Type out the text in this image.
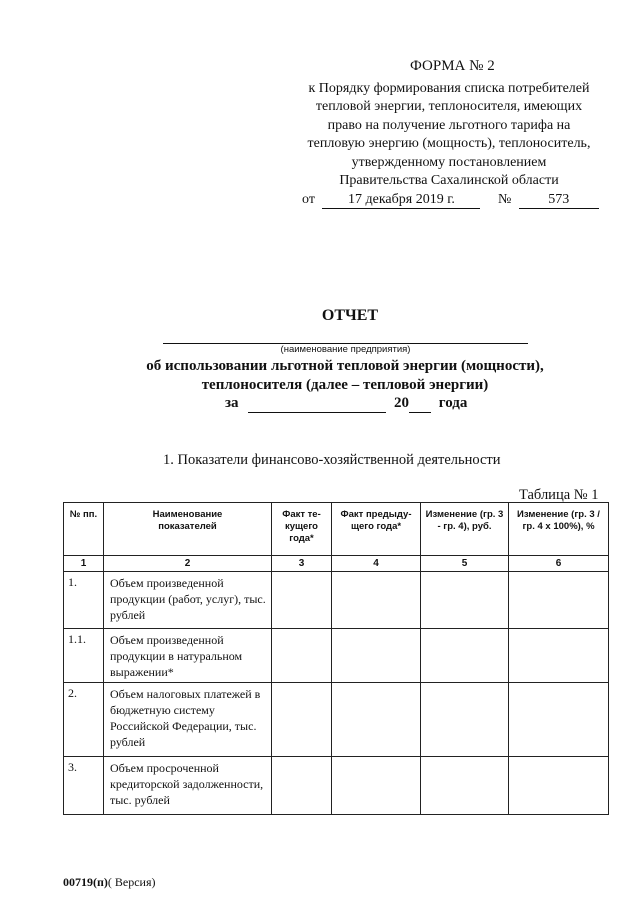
ФОРМА № 2
к Порядку формирования списка потребителей
тепловой энергии, теплоносителя, имеющих
право на получение льготного тарифа на
тепловую энергию (мощность), теплоноситель,
утвержденному постановлением
Правительства Сахалинской области
от 17 декабря 2019 г.	№	573
ОТЧЕТ
(наименование предприятия)
об использовании льготной тепловой энергии (мощности),
теплоносителя (далее – тепловой энергии)
за	20 года
1. Показатели финансово-хозяйственной деятельности
Таблица № 1
№ пп.	Наименование показателей	Факт те-кущего года*	Факт предыду-щего года*	Изменение (гр. 3 - гр. 4), руб.	Изменение (гр. 3 / гр. 4 x 100%), %
1	2	3	4	5	6
1.	Объем произведенной продукции (работ, услуг), тыс. рублей				
1.1.	Объем произведенной продукции в натуральном выражении*				
2.	Объем налоговых платежей в бюджетную систему Российской Федерации, тыс. рублей				
3.	Объем просроченной кредиторской задолженности, тыс. рублей				
00719(п)( Версия)
